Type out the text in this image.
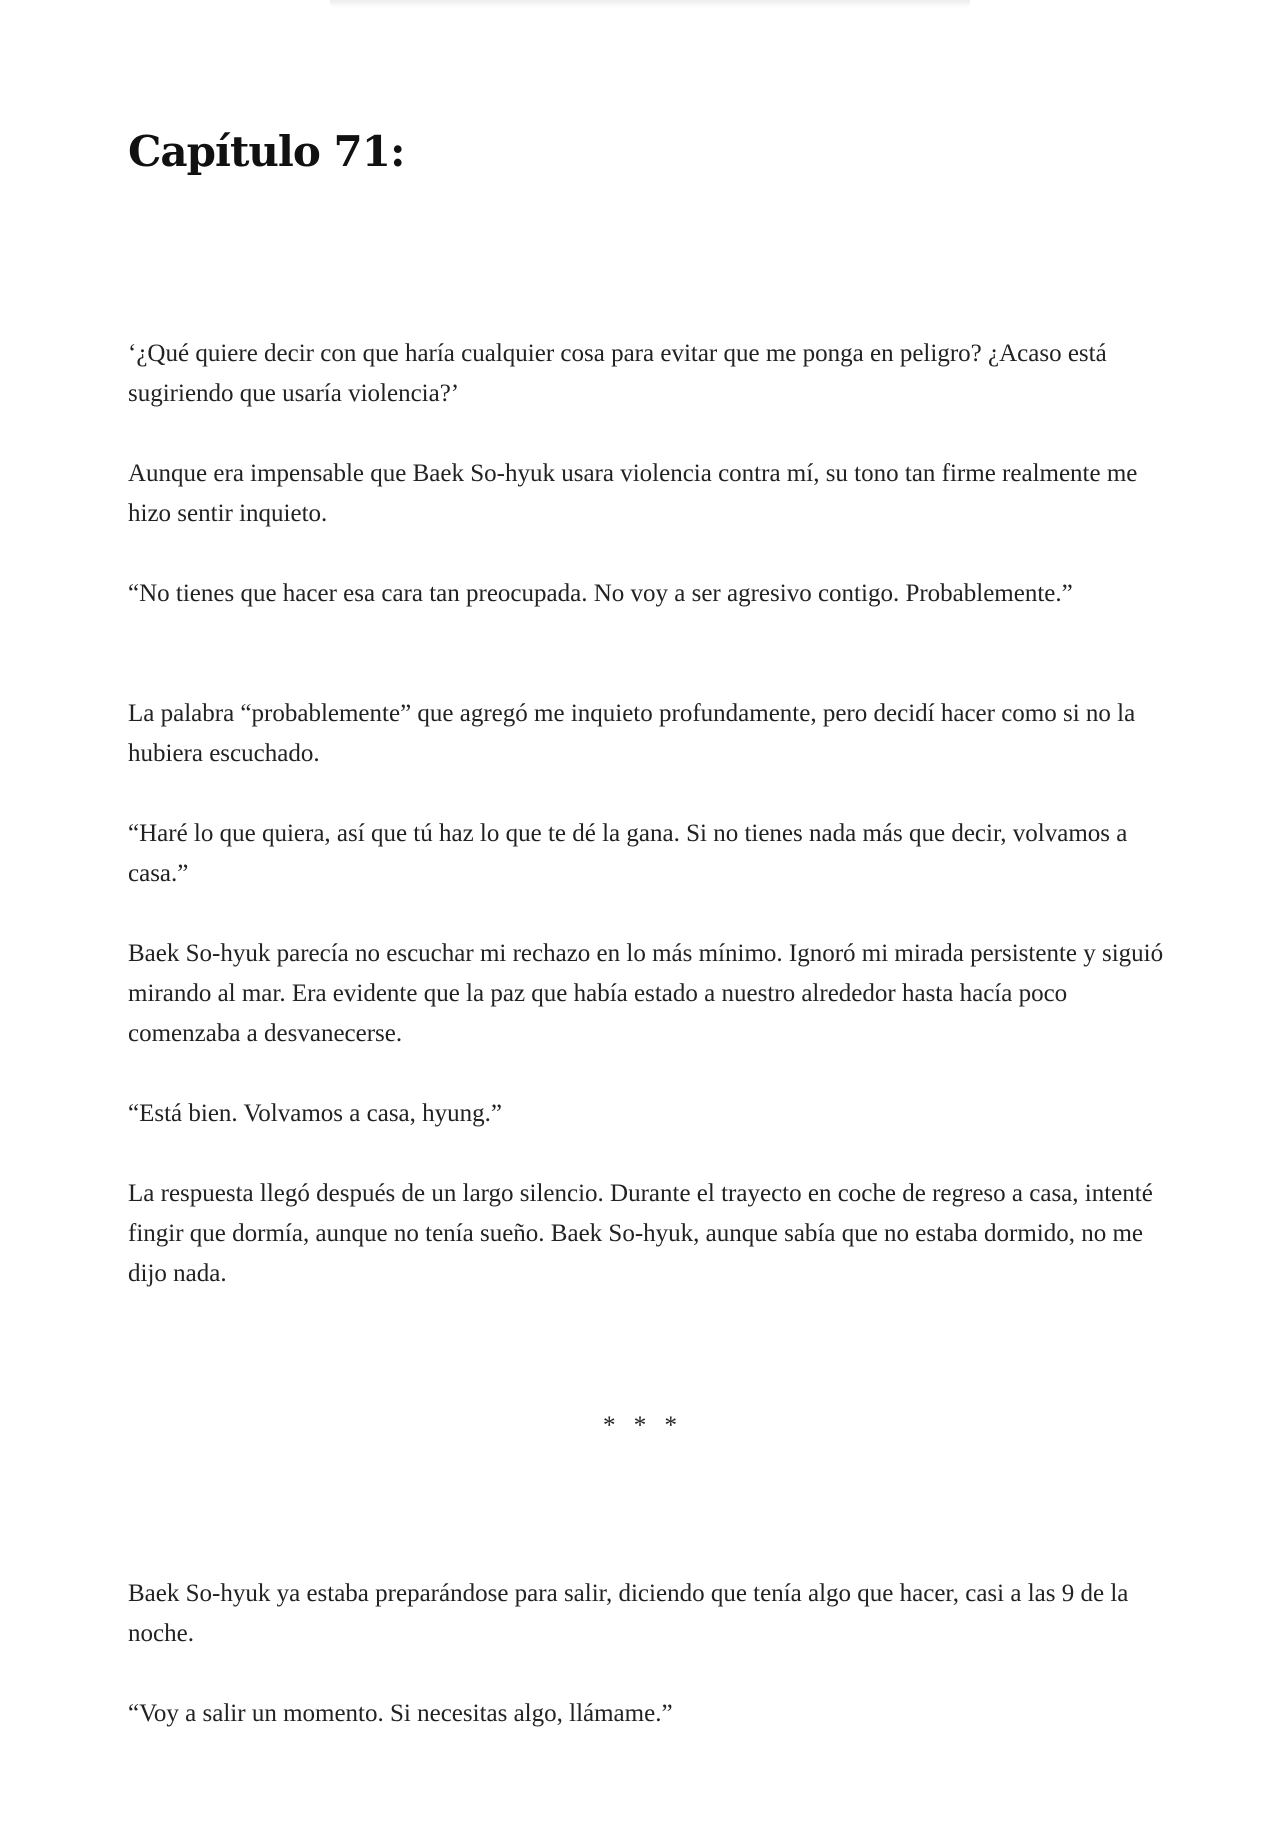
Capítulo 71:

‘¿Qué quiere decir con que haría cualquier cosa para evitar que me ponga en peligro? ¿Acaso está sugiriendo que usaría violencia?’

Aunque era impensable que Baek So-hyuk usara violencia contra mí, su tono tan firme realmente me hizo sentir inquieto.

“No tienes que hacer esa cara tan preocupada. No voy a ser agresivo contigo. Probablemente.”

La palabra “probablemente” que agregó me inquieto profundamente, pero decidí hacer como si no la hubiera escuchado.

“Haré lo que quiera, así que tú haz lo que te dé la gana. Si no tienes nada más que decir, volvamos a casa.”

Baek So-hyuk parecía no escuchar mi rechazo en lo más mínimo. Ignoró mi mirada persistente y siguió mirando al mar. Era evidente que la paz que había estado a nuestro alrededor hasta hacía poco comenzaba a desvanecerse.

“Está bien. Volvamos a casa, hyung.”

La respuesta llegó después de un largo silencio. Durante el trayecto en coche de regreso a casa, intenté fingir que dormía, aunque no tenía sueño. Baek So-hyuk, aunque sabía que no estaba dormido, no me dijo nada.

* * *

Baek So-hyuk ya estaba preparándose para salir, diciendo que tenía algo que hacer, casi a las 9 de la noche.

“Voy a salir un momento. Si necesitas algo, llámame.”
